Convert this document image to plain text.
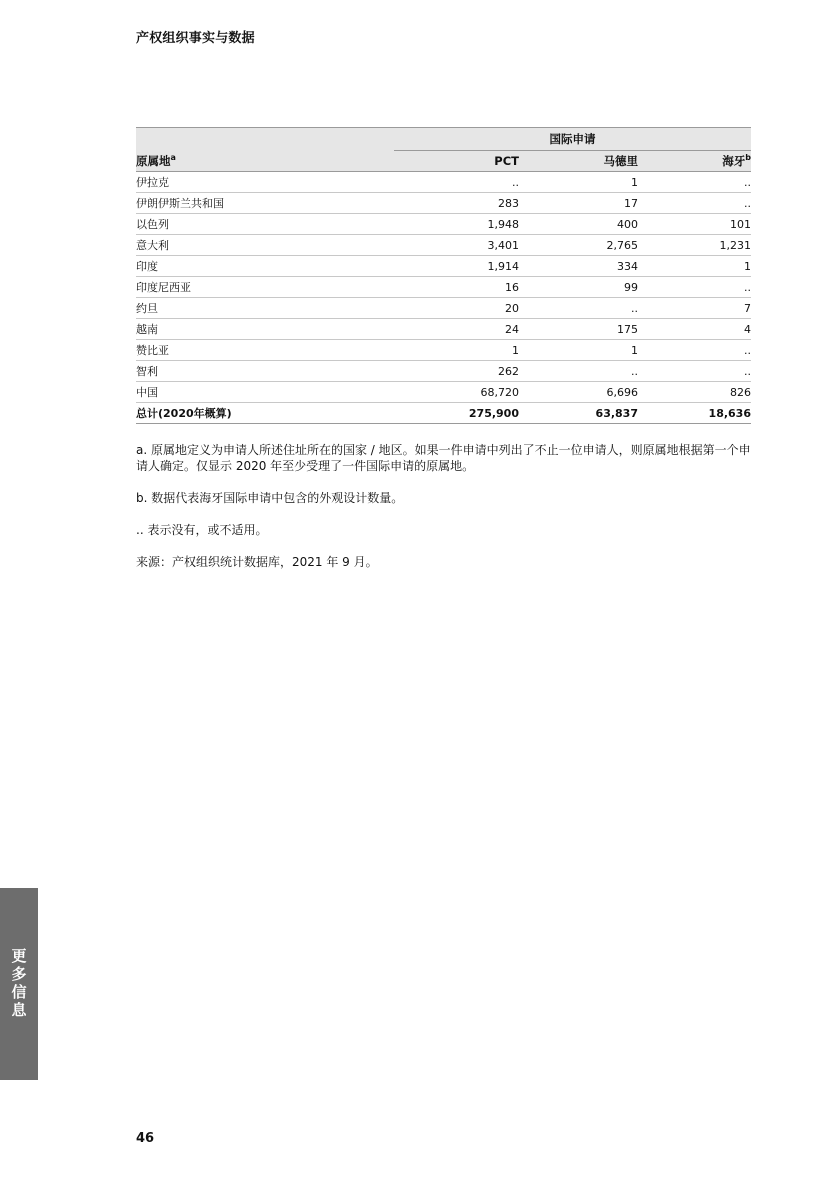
产权组织事实与数据
	国际申请		
原属地$^a$	PCT	马德里	海牙$^b$
伊拉克	..	1	..
伊朗伊斯兰共和国	283	17	..
以色列	1,948	400	101
意大利	3,401	2,765	1,231
印度	1,914	334	1
印度尼西亚	16	99	..
约旦	20	..	7
越南	24	175	4
赞比亚	1	1	..
智利	262	..	..
中国	68,720	6,696	826
总计(2020年概算)	275,900	63,837	18,636

a. 原属地定义为申请人所述住址所在的国家 / 地区。如果一件申请中列出了不止一位申请人，则原属地根据第一个申请人确定。仅显示 2020 年至少受理了一件国际申请的原属地。

b. 数据代表海牙国际申请中包含的外观设计数量。

.. 表示没有，或不适用。

来源：产权组织统计数据库，2021 年 9 月。

更多信息
46
